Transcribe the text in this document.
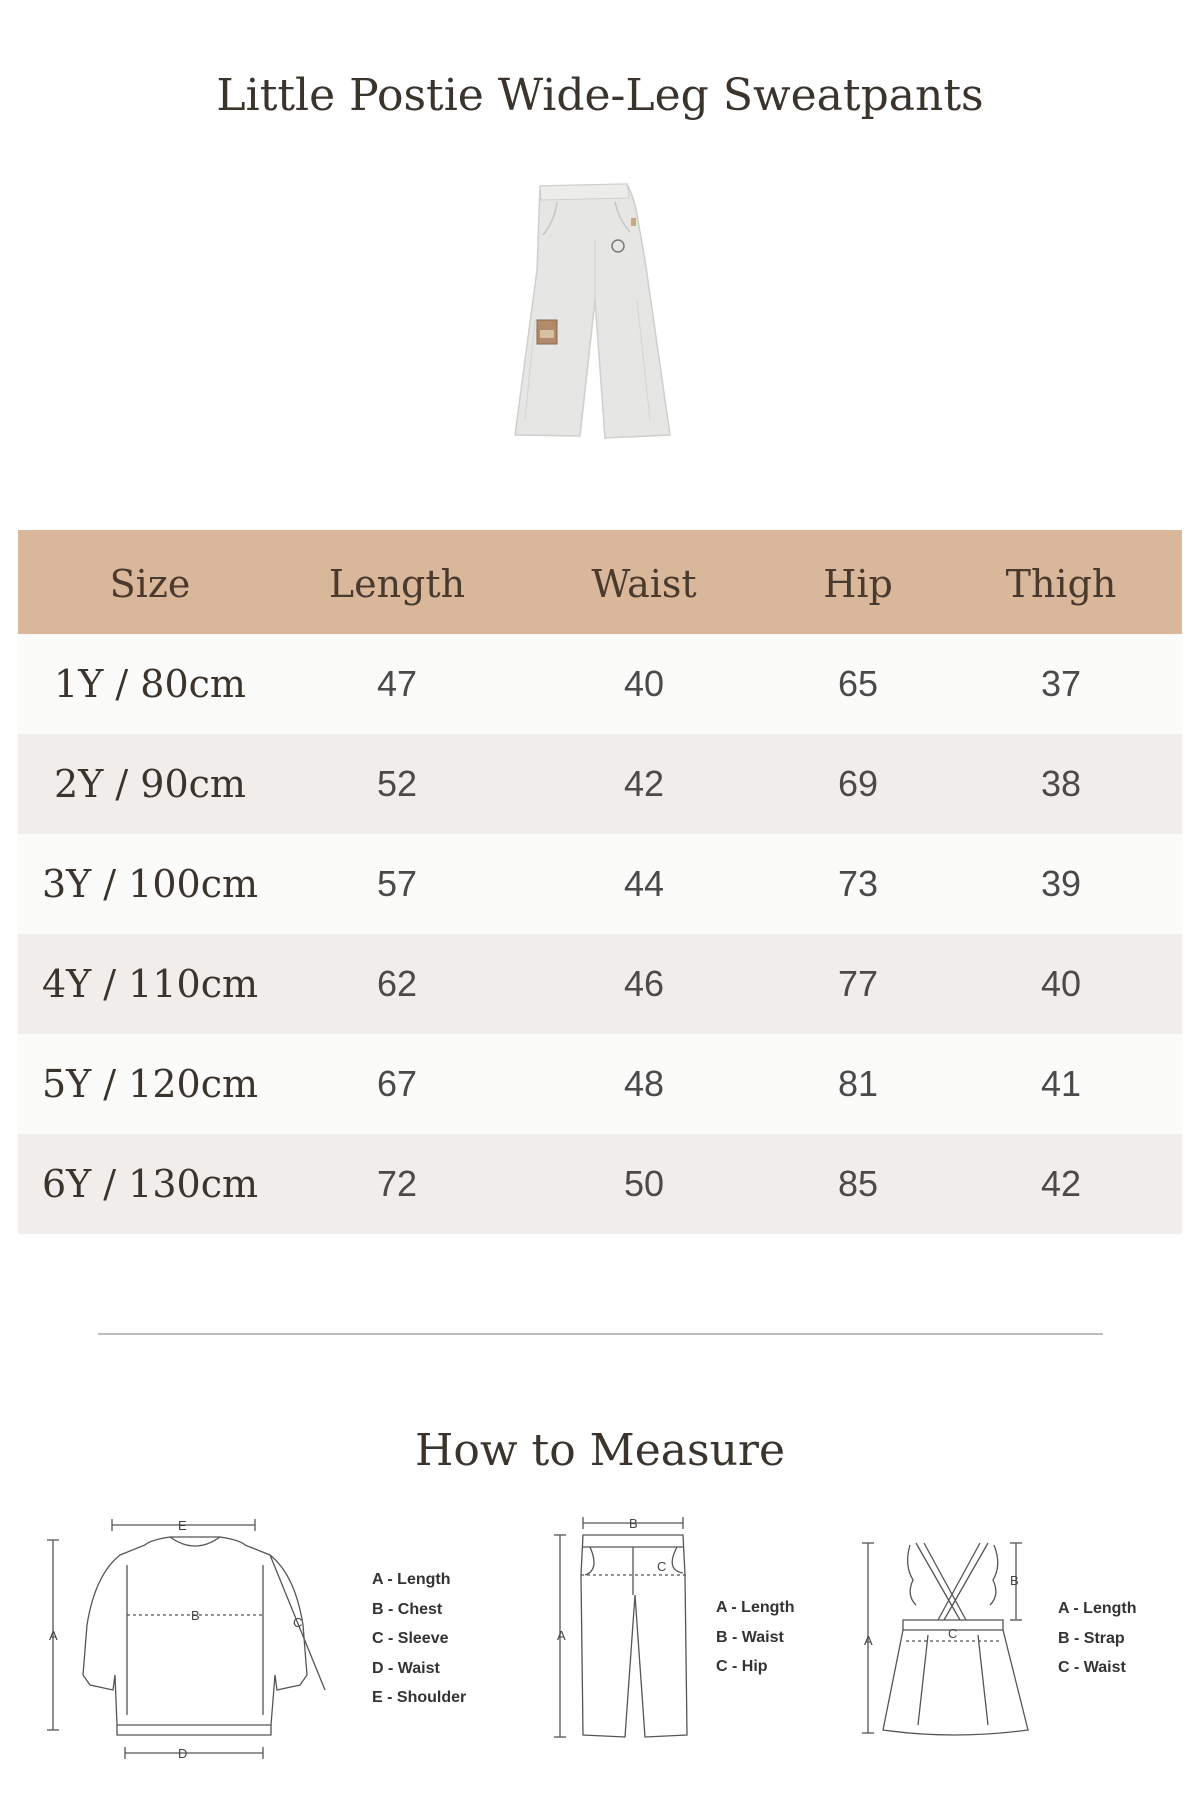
Little Postie Wide-Leg Sweatpants
Size	Length	Waist	Hip	Thigh
1Y / 80cm	47	40	65	37
2Y / 90cm	52	42	69	38
3Y / 100cm	57	44	73	39
4Y / 110cm	62	46	77	40
5Y / 120cm	67	48	81	41
6Y / 130cm	72	50	85	42
How to Measure
A
B	C
D
E
A - Length
B - Chest
C - Sleeve
D - Waist
E - Shoulder
A
B
C
A - Length
B - Waist
C - Hip
A
B
C
A - Length
B - Strap
C - Waist
